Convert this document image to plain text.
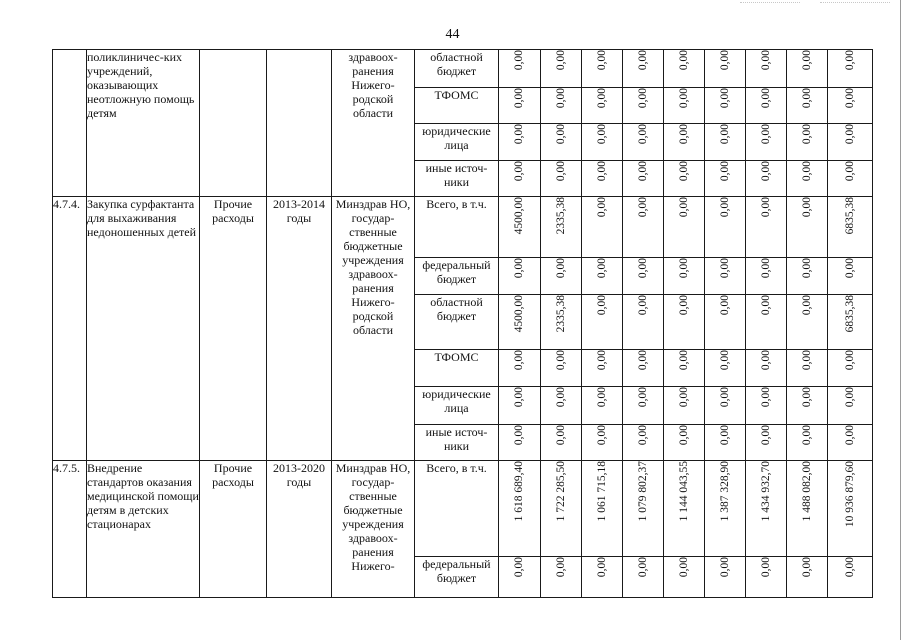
44
	поликлиничес-ких учреждений, оказывающих неотложную помощь детям			здравоох-ранения Нижего-родской области	областной бюджет	0,00	0,00	0,00	0,00	0,00	0,00	0,00	0,00	0,00
					ТФОМС	0,00	0,00	0,00	0,00	0,00	0,00	0,00	0,00	0,00
					юридические лица	0,00	0,00	0,00	0,00	0,00	0,00	0,00	0,00	0,00
					иные источ-ники	0,00	0,00	0,00	0,00	0,00	0,00	0,00	0,00	0,00
4.7.4.	Закупка сурфактанта для выхаживания недоношенных детей	Прочие расходы	2013-2014 годы	Минздрав НО, государ-ственные бюджетные учреждения здравоох-ранения Нижего-родской области	Всего, в т.ч.	4500,00	2335,38	0,00	0,00	0,00	0,00	0,00	0,00	6835,38
					федеральный бюджет	0,00	0,00	0,00	0,00	0,00	0,00	0,00	0,00	0,00
					областной бюджет	4500,00	2335,38	0,00	0,00	0,00	0,00	0,00	0,00	6835,38
					ТФОМС	0,00	0,00	0,00	0,00	0,00	0,00	0,00	0,00	0,00
					юридические лица	0,00	0,00	0,00	0,00	0,00	0,00	0,00	0,00	0,00
					иные источ-ники	0,00	0,00	0,00	0,00	0,00	0,00	0,00	0,00	0,00
4.7.5.	Внедрение стандартов оказания медицинской помощи детям в детских стационарах	Прочие расходы	2013-2020 годы	Минздрав НО, государ-ственные бюджетные учреждения здравоох-ранения Нижего-	Всего, в т.ч.	1 618 689,40	1 722 285,50	1 061 715,18	1 079 802,37	1 144 043,55	1 387 328,90	1 434 932,70	1 488 082,00	10 936 879,60
					федеральный бюджет	0,00	0,00	0,00	0,00	0,00	0,00	0,00	0,00	0,00
